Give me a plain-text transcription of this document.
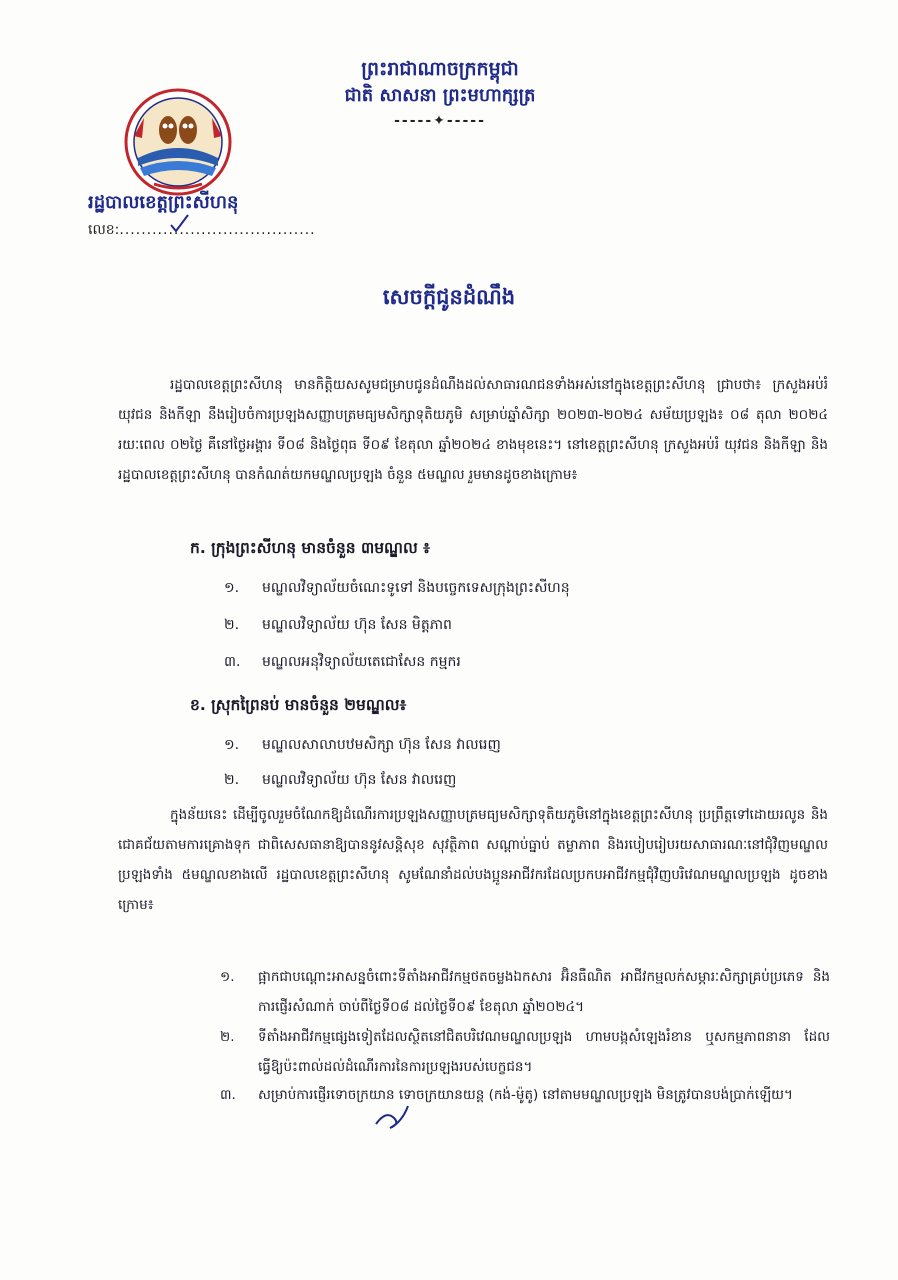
ព្រះរាជាណាចក្រកម្ពុជា
ជាតិ សាសនា ព្រះមហាក្សត្រ
-----✦-----
រដ្ឋបាលខេត្តព្រះសីហនុ
លេខ:....................................
សេចក្តីជូនដំណឹង
រដ្ឋបាលខេត្តព្រះសីហនុ មានកិត្តិយសសូមជម្រាបជូនដំណឹងដល់សាធារណជនទាំងអស់នៅក្នុងខេត្តព្រះសីហនុ ជ្រាបថា៖ ក្រសួងអប់រំ យុវជន និងកីឡា នឹងរៀបចំការប្រឡងសញ្ញាបត្រមធ្យមសិក្សាទុតិយភូមិ សម្រាប់ឆ្នាំសិក្សា ២០២៣-២០២៤ សម័យប្រឡង៖ ០៨ តុលា ២០២៤ រយៈពេល ០២ថ្ងៃ គឺនៅថ្ងៃអង្គារ ទី០៨ និងថ្ងៃពុធ ទី០៩ ខែតុលា ឆ្នាំ២០២៤ ខាងមុខនេះ។ នៅខេត្តព្រះសីហនុ ក្រសួងអប់រំ យុវជន និងកីឡា និងរដ្ឋបាលខេត្តព្រះសីហនុ បានកំណត់យកមណ្ឌលប្រឡង ចំនួន ៥មណ្ឌល រួមមានដូចខាងក្រោម៖
ក. ក្រុងព្រះសីហនុ មានចំនួន ៣មណ្ឌល ៖
១. មណ្ឌលវិទ្យាល័យចំណេះទូទៅ និងបច្ចេកទេសក្រុងព្រះសីហនុ
២. មណ្ឌលវិទ្យាល័យ ហ៊ុន សែន មិត្តភាព
៣. មណ្ឌលអនុវិទ្យាល័យតេជោសែន កម្មករ
ខ. ស្រុកព្រៃនប់ មានចំនួន ២មណ្ឌល៖
១. មណ្ឌលសាលាបឋមសិក្សា ហ៊ុន សែន វាលរេញ
២. មណ្ឌលវិទ្យាល័យ ហ៊ុន សែន វាលរេញ
ក្នុងន័យនេះ ដើម្បីចូលរួមចំណែកឱ្យដំណើរការប្រឡងសញ្ញាបត្រមធ្យមសិក្សាទុតិយភូមិនៅក្នុងខេត្តព្រះសីហនុ ប្រព្រឹត្តទៅដោយរលូន និងជោគជ័យតាមការគ្រោងទុក ជាពិសេសធានាឱ្យបាននូវសន្តិសុខ សុវត្ថិភាព សណ្តាប់ធ្នាប់ តម្លាភាព និងរបៀបរៀបរយសាធារណៈនៅជុំវិញមណ្ឌលប្រឡងទាំង ៥មណ្ឌលខាងលើ រដ្ឋបាលខេត្តព្រះសីហនុ សូមណែនាំដល់បងប្អូនអាជីវករដែលប្រកបអាជីវកម្មជុំវិញបរិវេណមណ្ឌលប្រឡង ដូចខាងក្រោម៖
១.	ផ្អាកជាបណ្តោះអាសន្នចំពោះទីតាំងអាជីវកម្មថតចម្លងឯកសារ អ៊ិនធឺណិត អាជីវកម្មលក់សម្ភារៈសិក្សាគ្រប់ប្រភេទ និងការផ្ញើរសំណាក់ ចាប់ពីថ្ងៃទី០៨ ដល់ថ្ងៃទី០៩ ខែតុលា ឆ្នាំ២០២៤។
២.	ទីតាំងអាជីវកម្មផ្សេងទៀតដែលស្ថិតនៅជិតបរិវេណមណ្ឌលប្រឡង ហាមបង្កសំឡេងរំខាន ឬសកម្មភាពនានា ដែលធ្វើឱ្យប៉ះពាល់ដល់ដំណើរការនៃការប្រឡងរបស់បេក្ខជន។
៣.	សម្រាប់ការផ្ញើរទោចក្រយាន ទោចក្រយានយន្ត (កង់-ម៉ូតូ) នៅតាមមណ្ឌលប្រឡង មិនត្រូវបានបង់ប្រាក់ឡើយ។
